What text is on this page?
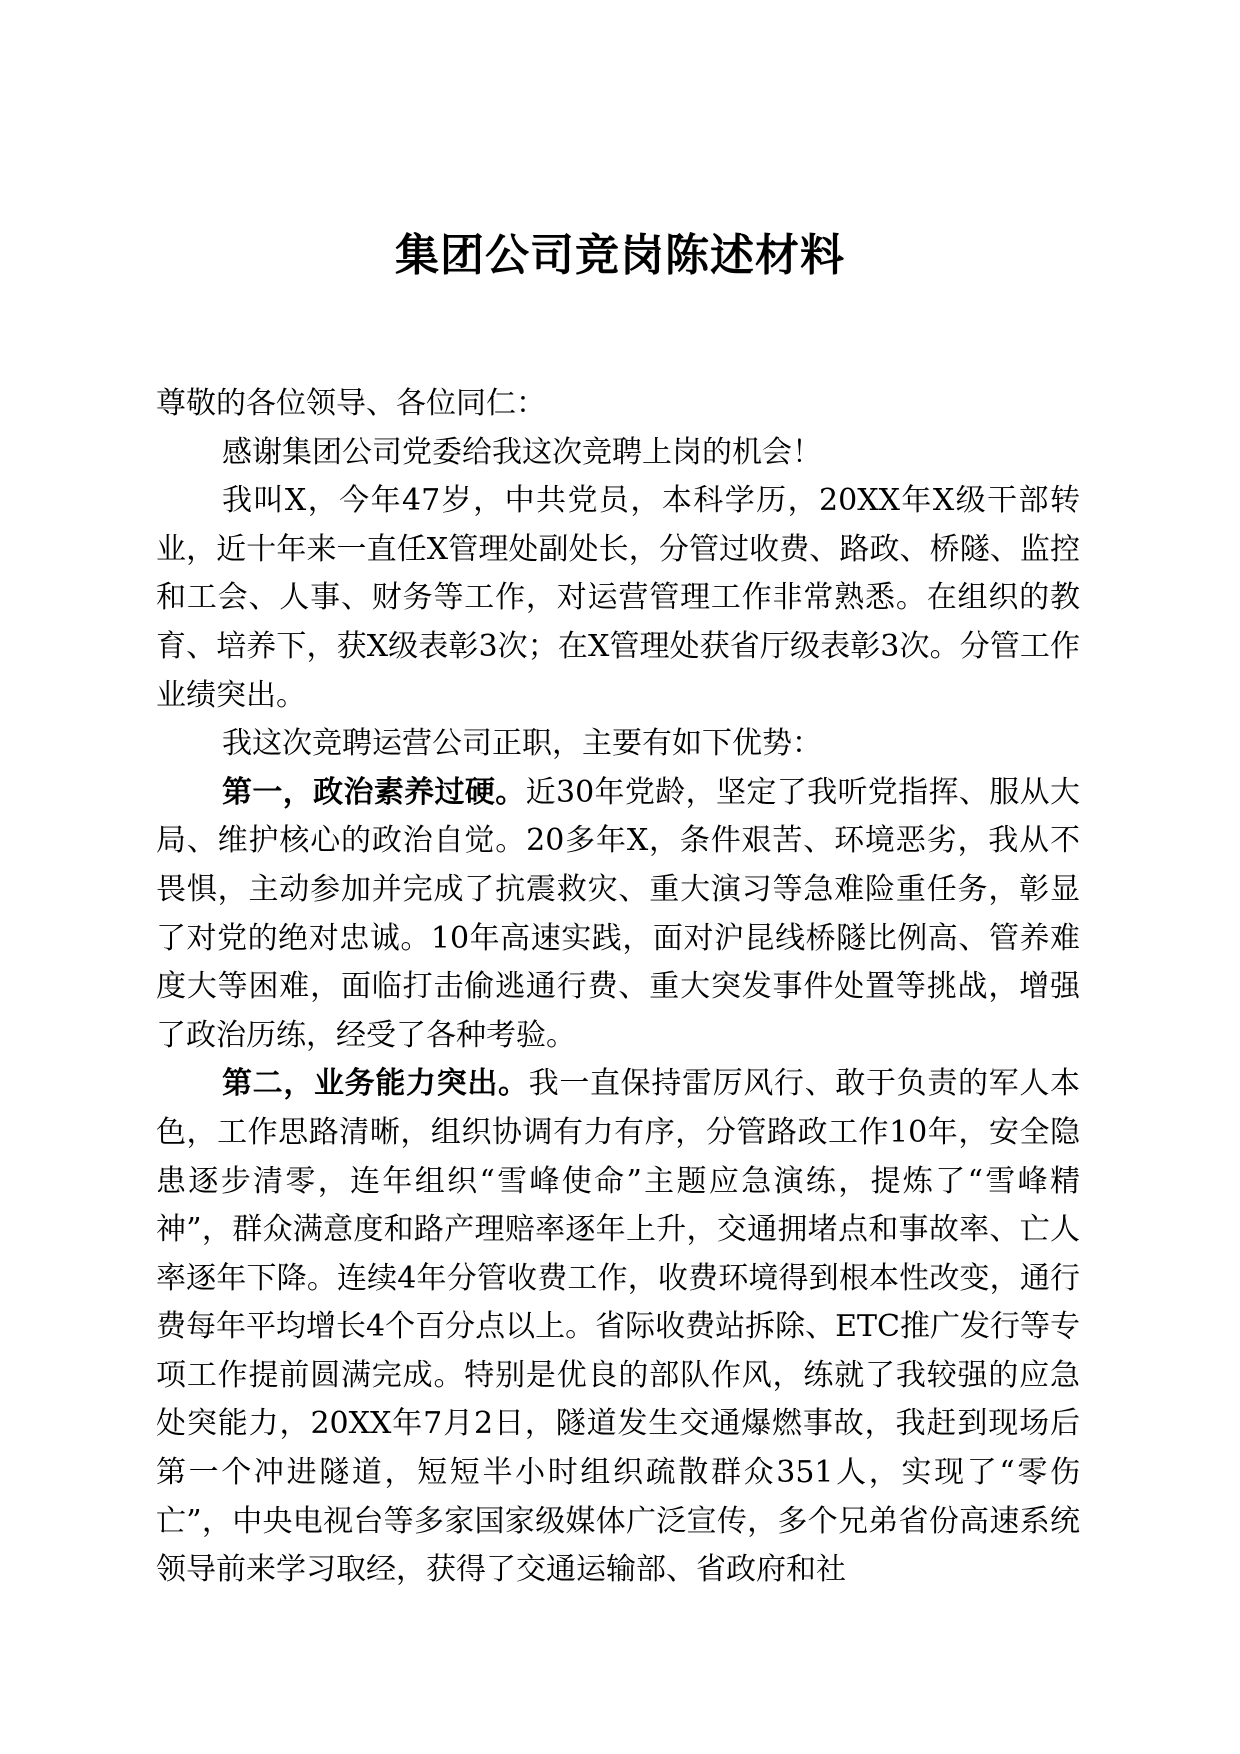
集团公司竞岗陈述材料

尊敬的各位领导、各位同仁：

感谢集团公司党委给我这次竞聘上岗的机会！

我叫X，今年47岁，中共党员，本科学历，20XX年X级干部转业，近十年来一直任X管理处副处长，分管过收费、路政、桥隧、监控和工会、人事、财务等工作，对运营管理工作非常熟悉。在组织的教育、培养下，获X级表彰3次；在X管理处获省厅级表彰3次。分管工作业绩突出。

我这次竞聘运营公司正职，主要有如下优势：

第一，政治素养过硬。近30年党龄，坚定了我听党指挥、服从大局、维护核心的政治自觉。20多年X，条件艰苦、环境恶劣，我从不畏惧，主动参加并完成了抗震救灾、重大演习等急难险重任务，彰显了对党的绝对忠诚。10年高速实践，面对沪昆线桥隧比例高、管养难度大等困难，面临打击偷逃通行费、重大突发事件处置等挑战，增强了政治历练，经受了各种考验。

第二，业务能力突出。我一直保持雷厉风行、敢于负责的军人本色，工作思路清晰，组织协调有力有序，分管路政工作10年，安全隐患逐步清零，连年组织“雪峰使命”主题应急演练，提炼了“雪峰精神”，群众满意度和路产理赔率逐年上升，交通拥堵点和事故率、亡人率逐年下降。连续4年分管收费工作，收费环境得到根本性改变，通行费每年平均增长4个百分点以上。省际收费站拆除、ETC推广发行等专项工作提前圆满完成。特别是优良的部队作风，练就了我较强的应急处突能力，20XX年7月2日，隧道发生交通爆燃事故，我赶到现场后第一个冲进隧道，短短半小时组织疏散群众351人，实现了“零伤亡”，中央电视台等多家国家级媒体广泛宣传，多个兄弟省份高速系统领导前来学习取经，获得了交通运输部、省政府和社
